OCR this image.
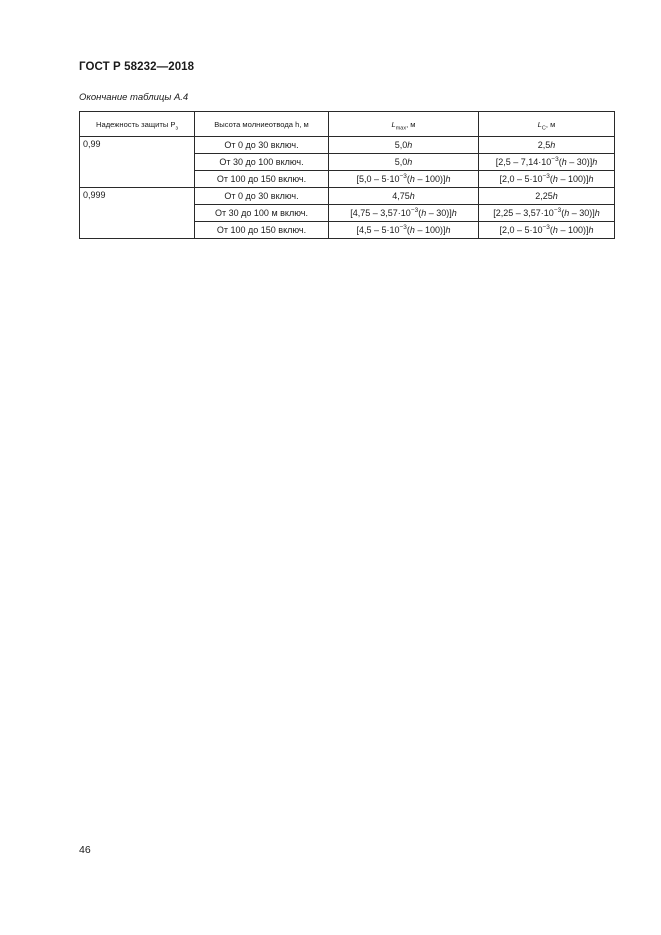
ГОСТ Р 58232—2018
Окончание таблицы А.4
Надежность защиты $P_з$	Высота молниеотвода h, м	$L_{max}$, м	$L_C$, м
0,99	От 0 до 30 включ.	5,0h	2,5h
	От 30 до 100 включ.	5,0h	$[2,5 - 7,14\cdot 10^{-3}(h - 30)]h$
	От 100 до 150 включ.	$[5,0 - 5\cdot 10^{-3}(h - 100)]h$	$[2,0 - 5\cdot 10^{-3}(h - 100)]h$
0,999	От 0 до 30 включ.	4,75h	2,25h
	От 30 до 100 м включ.	$[4,75 - 3,57\cdot 10^{-3}(h - 30)]h$	$[2,25 - 3,57\cdot 10^{-3}(h - 30)]h$
	От 100 до 150 включ.	$[4,5 - 5\cdot 10^{-3}(h - 100)]h$	$[2,0 - 5\cdot 10^{-3}(h - 100)]h$
46
